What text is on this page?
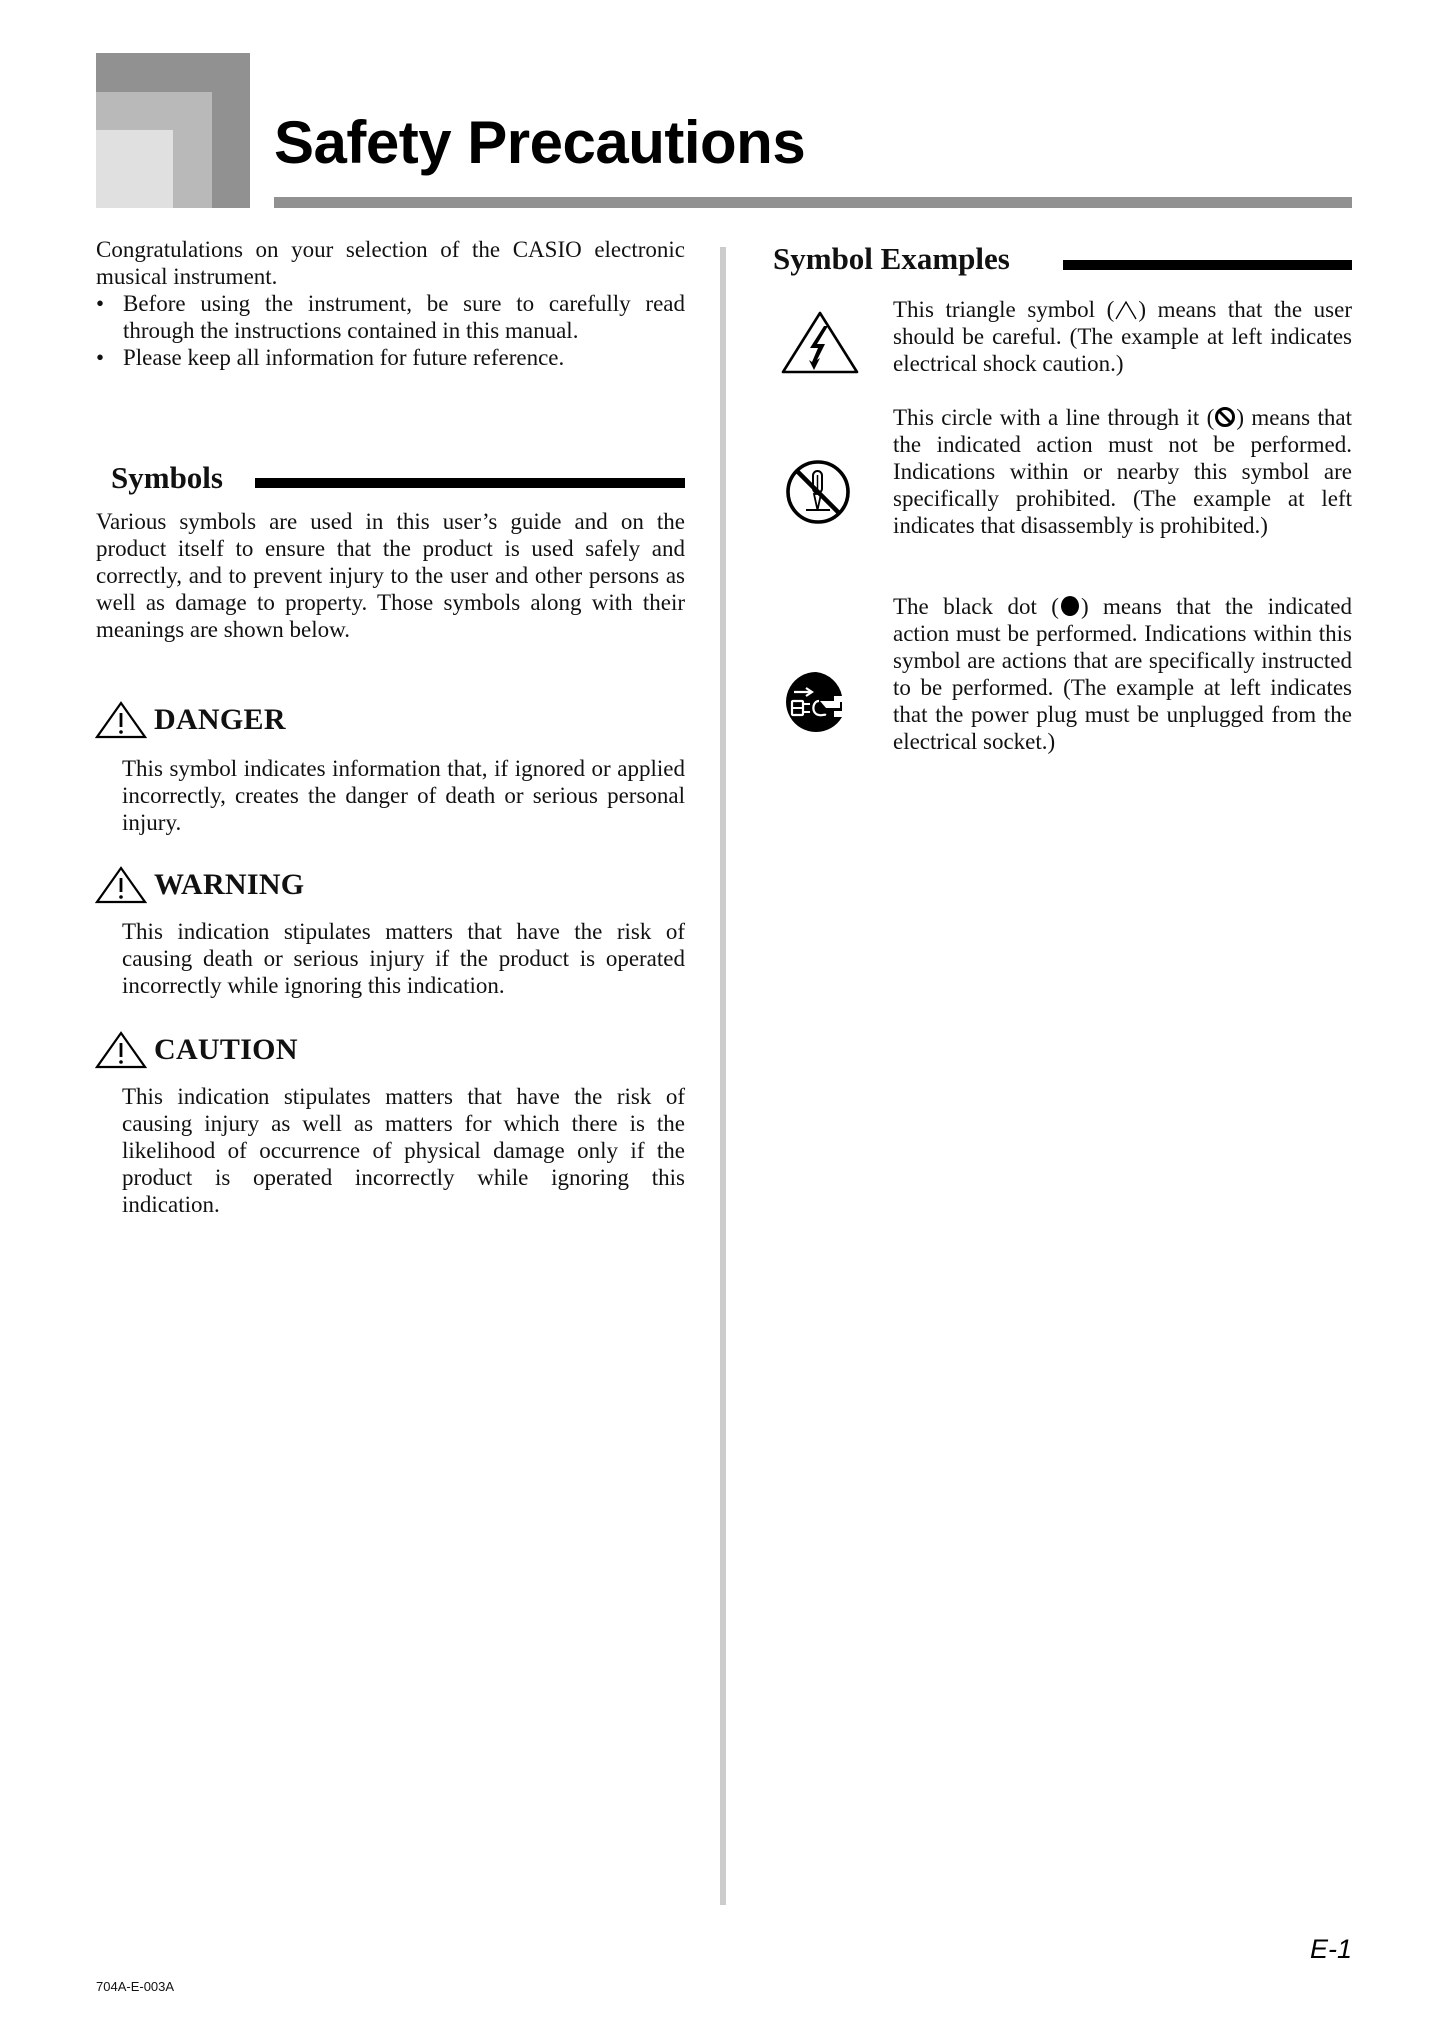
Safety Precautions

Congratulations on your selection of the CASIO electronic musical instrument.

• Before using the instrument, be sure to carefully read through the instructions contained in this manual.
• Please keep all information for future reference.
Symbols

Various symbols are used in this user’s guide and on the product itself to ensure that the product is used safely and correctly, and to prevent injury to the user and other persons as well as damage to property. Those symbols along with their meanings are shown below.

DANGER

This symbol indicates information that, if ignored or applied incorrectly, creates the danger of death or serious personal injury.

WARNING

This indication stipulates matters that have the risk of causing death or serious injury if the product is operated incorrectly while ignoring this indication.

CAUTION

This indication stipulates matters that have the risk of causing injury as well as matters for which there is the likelihood of occurrence of physical damage only if the product is operated incorrectly while ignoring this indication.

Symbol Examples

This triangle symbol ( ) means that the user should be careful. (The example at left indicates electrical shock caution.)

This circle with a line through it ( ) means that the indicated action must not be performed. Indications within or nearby this symbol are specifically prohibited. (The example at left indicates that disassembly is prohibited.)

The black dot ( ) means that the indicated action must be performed. Indications within this symbol are actions that are specifically instructed to be performed. (The example at left indicates that the power plug must be unplugged from the electrical socket.)

704A-E-003A
E-1
